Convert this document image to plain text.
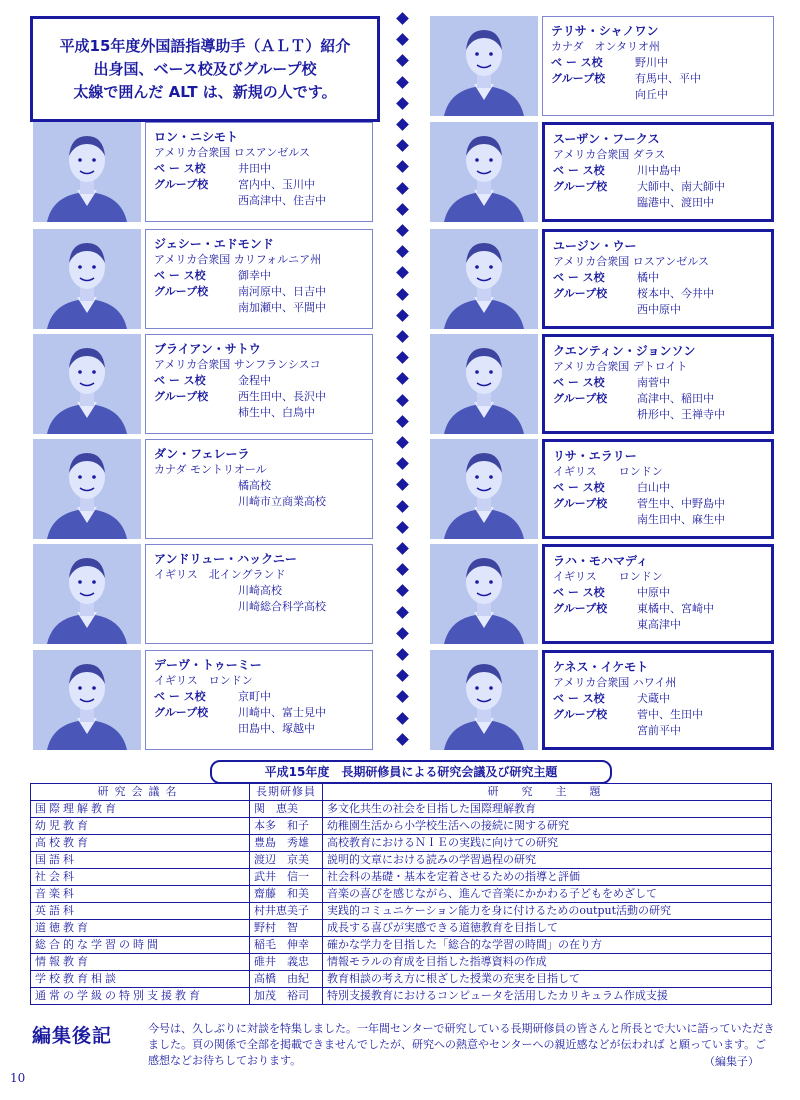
平成15年度外国語指導助手（ＡＬＴ）紹介
出身国、ベース校及びグループ校
太線で囲んだ ALT は、新規の人です。
ロン・ニシモト
アメリカ合衆国 ロスアンゼルス
ベ ー ス校	井田中
グループ校	宮内中、玉川中
西高津中、住吉中
ジェシー・エドモンド
アメリカ合衆国 カリフォルニア州
ベ ー ス校	御幸中
グループ校	南河原中、日吉中
南加瀬中、平間中
ブライアン・サトウ
アメリカ合衆国 サンフランシスコ
ベ ー ス校	金程中
グループ校	西生田中、長沢中
柿生中、白鳥中
ダン・フェレーラ
カナダ モントリオール
橘高校
川崎市立商業高校
アンドリュー・ハックニー
イギリス　北イングランド
川崎高校
川崎総合科学高校
デーヴ・トゥーミー
イギリス　ロンドン
ベ ー ス校	京町中
グループ校	川崎中、富士見中
田島中、塚越中
テリサ・シャノワン
カナダ　オンタリオ州
ベ ー ス校	野川中
グループ校	有馬中、平中
向丘中
スーザン・フークス
アメリカ合衆国 ダラス
ベ ー ス校	川中島中
グループ校	大師中、南大師中
臨港中、渡田中
ユージン・ウー
アメリカ合衆国 ロスアンゼルス
ベ ー ス校	橘中
グループ校	桜本中、今井中
西中原中
クエンティン・ジョンソン
アメリカ合衆国 デトロイト
ベ ー ス校	南菅中
グループ校	高津中、稲田中
枡形中、王禅寺中
リサ・エラリー
イギリス　　ロンドン
ベ ー ス校	白山中
グループ校	菅生中、中野島中
南生田中、麻生中
ラハ・モハマディ
イギリス　　ロンドン
ベ ー ス校	中原中
グループ校	東橘中、宮崎中
東高津中
ケネス・イケモト
アメリカ合衆国 ハワイ州
ベ ー ス校	犬蔵中
グループ校	菅中、生田中
宮前平中
平成15年度　長期研修員による研究会議及び研究主題
研究会議名	長期研修員	研　究　主　題
国際理解教育	関　恵美	多文化共生の社会を目指した国際理解教育
幼児教育	本多　和子	幼稚園生活から小学校生活への接続に関する研究
高校教育	豊島　秀雄	高校教育におけるＮＩＥの実践に向けての研究
国語科	渡辺　京美	説明的文章における読みの学習過程の研究
社会科	武井　信一	社会科の基礎・基本を定着させるための指導と評価
音楽科	齋藤　和美	音楽の喜びを感じながら、進んで音楽にかかわる子どもをめざして
英語科	村井恵美子	実践的コミュニケーション能力を身に付けるためのoutput活動の研究
道徳教育	野村　智	成長する喜びが実感できる道徳教育を目指して
総合的な学習の時間	稲毛　伸幸	確かな学力を目指した「総合的な学習の時間」の在り方
情報教育	碓井　義忠	情報モラルの育成を目指した指導資料の作成
学校教育相談	高橋　由紀	教育相談の考え方に根ざした授業の充実を目指して
通常の学級の特別支援教育	加茂　裕司	特別支援教育におけるコンピュータを活用したカリキュラム作成支援
編集後記	今号は、久しぶりに対談を特集しました。一年間センターで研究している長期研修員の皆さんと所長とで大いに語っていただきました。頁の関係で全部を掲載できませんでしたが、研究への熱意やセンターへの親近感などが伝われば と願っています。ご感想などお待ちしております。	（編集子）
10
